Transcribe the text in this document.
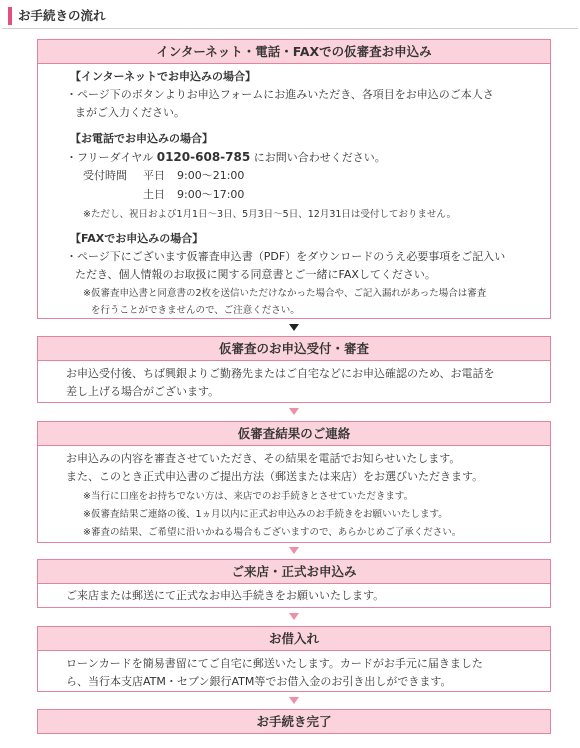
お手続きの流れ
インターネット・電話・FAXでの仮審査お申込み
【インターネットでお申込みの場合】
・ページ下のボタンよりお申込フォームにお進みいただき、各項目をお申込のご本人さ
まがご入力ください。
【お電話でお申込みの場合】
・フリーダイヤル 0120-608-785 にお問い合わせください。
受付時間 平日 9:00～21:00
土日 9:00～17:00
※ただし、祝日および1月1日～3日、5月3日～5日、12月31日は受付しておりません。
【FAXでお申込みの場合】
・ページ下にございます仮審査申込書（PDF）をダウンロードのうえ必要事項をご記入い
ただき、個人情報のお取扱に関する同意書とご一緒にFAXしてください。
※仮審査申込書と同意書の2枚を送信いただけなかった場合や、ご記入漏れがあった場合は審査
を行うことができませんので、ご注意ください。
仮審査のお申込受付・審査
お申込受付後、ちば興銀よりご勤務先またはご自宅などにお申込確認のため、お電話を
差し上げる場合がございます。
仮審査結果のご連絡
お申込みの内容を審査させていただき、その結果を電話でお知らせいたします。
また、このとき正式申込書のご提出方法（郵送または来店）をお選びいただきます。
※当行に口座をお持ちでない方は、来店でのお手続きとさせていただきます。
※仮審査結果ご連絡の後、1ヵ月以内に正式お申込みのお手続きをお願いいたします。
※審査の結果、ご希望に沿いかねる場合もございますので、あらかじめご了承ください。
ご来店・正式お申込み
ご来店または郵送にて正式なお申込手続きをお願いいたします。
お借入れ
ローンカードを簡易書留にてご自宅に郵送いたします。カードがお手元に届きました
ら、当行本支店ATM・セブン銀行ATM等でお借入金のお引き出しができます。
お手続き完了
